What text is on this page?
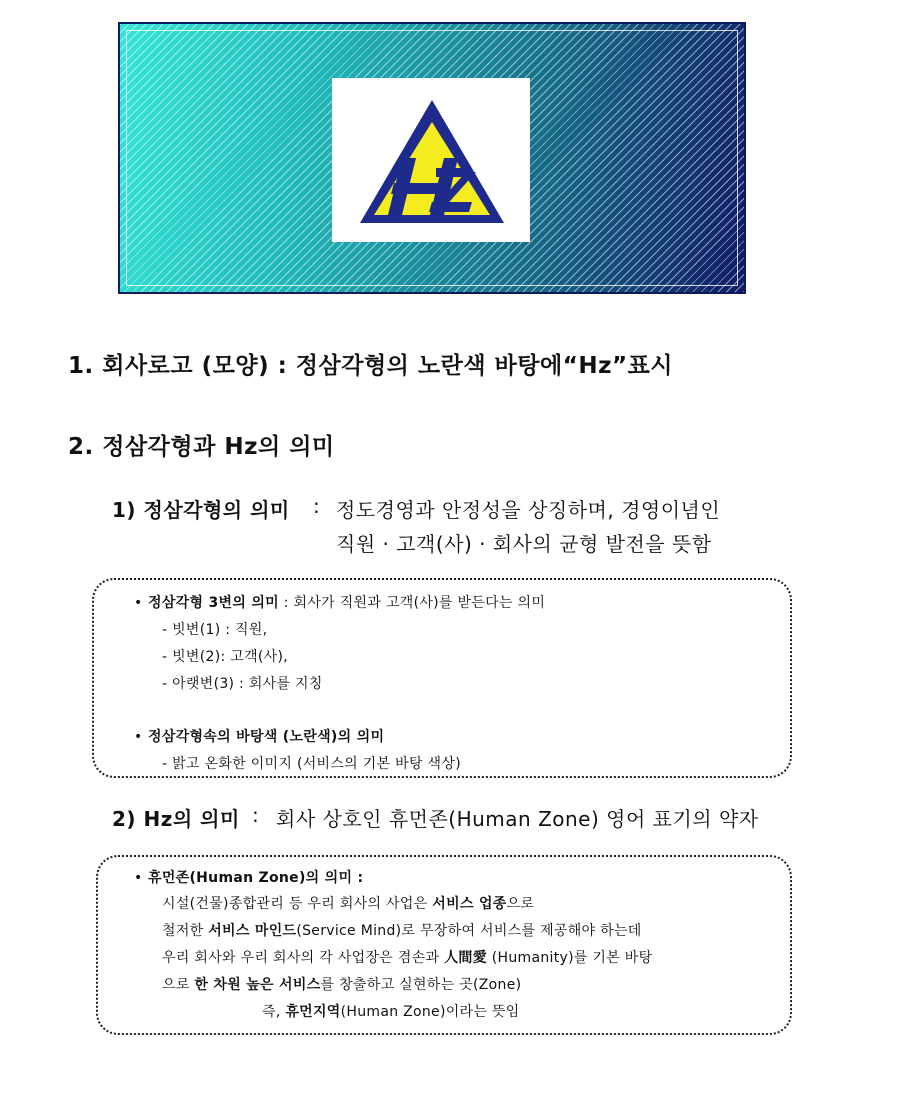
1. 회사로고 (모양) : 정삼각형의 노란색 바탕에“Hz”표시
2. 정삼각형과 Hz의 의미
1) 정삼각형의 의미 : 정도경영과 안정성을 상징하며, 경영이념인
직원 · 고객(사) · 회사의 균형 발전을 뜻함
• 정삼각형 3변의 의미 : 회사가 직원과 고객(사)를 받든다는 의미
- 빗변(1) : 직원,
- 빗변(2): 고객(사),
- 아랫변(3) : 회사를 지칭
• 정삼각형속의 바탕색 (노란색)의 의미
- 밝고 온화한 이미지 (서비스의 기본 바탕 색상)
2) Hz의 의미 : 회사 상호인 휴먼존(Human Zone) 영어 표기의 약자
• 휴먼존(Human Zone)의 의미 :
시설(건물)종합관리 등 우리 회사의 사업은 서비스 업종으로
철저한 서비스 마인드(Service Mind)로 무장하여 서비스를 제공해야 하는데
우리 회사와 우리 회사의 각 사업장은 겸손과 人間愛 (Humanity)를 기본 바탕
으로 한 차원 높은 서비스를 창출하고 실현하는 곳(Zone)
즉, 휴먼지역(Human Zone)이라는 뜻임
